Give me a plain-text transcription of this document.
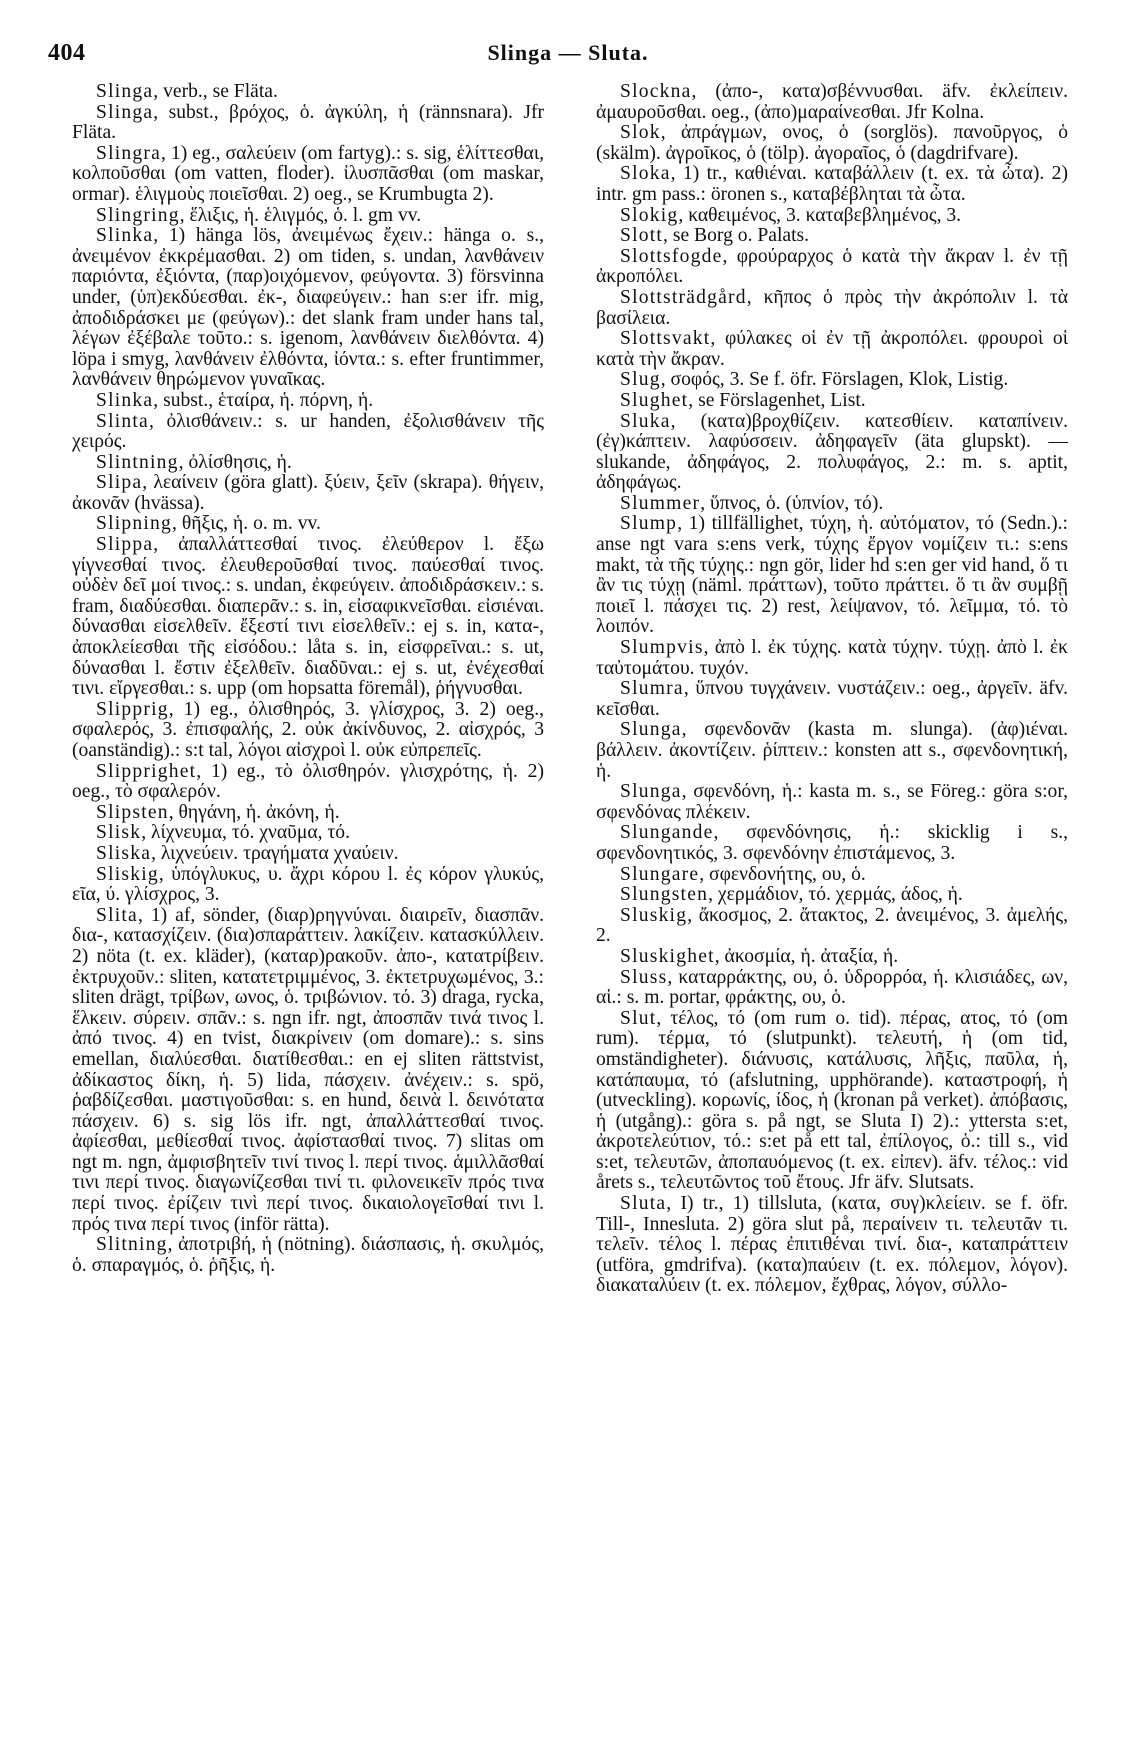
404	Slinga — Sluta.

Slinga, verb., se Fläta.

Slinga, subst., βρόχος, ὁ. ἀγκύλη, ἡ (rännsnara). Jfr Fläta.

Slingra, 1) eg., σαλεύειν (om fartyg).: s. sig, ἑλίττεσθαι, κολποῦσθαι (om vatten, floder). ἰλυσπᾶσθαι (om maskar, ormar). ἑλιγμοὺς ποιεῖσθαι. 2) oeg., se Krumbugta 2).

Slingring, ἕλιξις, ἡ. ἑλιγμός, ὁ. l. gm vv.

Slinka, 1) hänga lös, ἀνειμένως ἔχειν.: hänga o. s., ἀνειμένον ἐκκρέμασθαι. 2) om tiden, s. undan, λανθάνειν παριόντα, ἐξιόντα, (παρ)οιχόμενον, φεύγοντα. 3) försvinna under, (ὑπ)εκδύεσθαι. ἐκ-, διαφεύγειν.: han s:er ifr. mig, ἀποδιδράσκει με (φεύγων).: det slank fram under hans tal, λέγων ἐξέβαλε τοῦτο.: s. igenom, λανθάνειν διελθόντα. 4) löpa i smyg, λανθάνειν ἐλθόντα, ἰόντα.: s. efter fruntimmer, λανθάνειν θηρώμενον γυναῖκας.

Slinka, subst., ἑταίρα, ἡ. πόρνη, ἡ.

Slinta, ὀλισθάνειν.: s. ur handen, ἐξολισθάνειν τῆς χειρός.

Slintning, ὀλίσθησις, ἡ.

Slipa, λεαίνειν (göra glatt). ξύειν, ξεῖν (skrapa). θήγειν, ἀκονᾶν (hvässa).

Slipning, θῆξις, ἡ. o. m. vv.

Slippa, ἀπαλλάττεσθαί τινος. ἐλεύθερον l. ἔξω γίγνεσθαί τινος. ἐλευθεροῦσθαί τινος. παύεσθαί τινος. οὐδὲν δεῖ μοί τινος.: s. undan, ἐκφεύγειν. ἀποδιδράσκειν.: s. fram, διαδύεσθαι. διαπερᾶν.: s. in, εἰσαφικνεῖσθαι. εἰσιέναι. δύνασθαι εἰσελθεῖν. ἔξεστί τινι εἰσελθεῖν.: ej s. in, κατα-, ἀποκλείεσθαι τῆς εἰσόδου.: låta s. in, εἰσφρεῖναι.: s. ut, δύνασθαι l. ἔστιν ἐξελθεῖν. διαδῦναι.: ej s. ut, ἐνέχεσθαί τινι. εἴργεσθαι.: s. upp (om hopsatta föremål), ῥήγνυσθαι.

Slipprig, 1) eg., ὀλισθηρός, 3. γλίσχρος, 3. 2) oeg., σφαλερός, 3. ἐπισφαλής, 2. οὐκ ἀκίνδυνος, 2. αἰσχρός, 3 (oanständig).: s:t tal, λόγοι αἰσχροὶ l. οὐκ εὐπρεπεῖς.

Slipprighet, 1) eg., τὸ ὀλισθηρόν. γλισχρότης, ἡ. 2) oeg., τὸ σφαλερόν.

Slipsten, θηγάνη, ἡ. ἀκόνη, ἡ.

Slisk, λίχνευμα, τό. χναῦμα, τό.

Sliska, λιχνεύειν. τραγήματα χναύειν.

Sliskig, ὑπόγλυκυς, υ. ἄχρι κόρου l. ἐς κόρον γλυκύς, εῖα, ύ. γλίσχρος, 3.

Slita, 1) af, sönder, (διαρ)ρηγνύναι. διαιρεῖν, διασπᾶν. δια-, κατασχίζειν. (δια)σπαράττειν. λακίζειν. κατασκύλλειν. 2) nöta (t. ex. kläder), (καταρ)ρακοῦν. ἀπο-, κατατρίβειν. ἐκτρυχοῦν.: sliten, κατατετριμμένος, 3. ἐκτετρυχωμένος, 3.: sliten drägt, τρίβων, ωνος, ὁ. τριβώνιον. τό. 3) draga, rycka, ἕλκειν. σύρειν. σπᾶν.: s. ngn ifr. ngt, ἀποσπᾶν τινά τινος l. ἀπό τινος. 4) en tvist, διακρίνειν (om domare).: s. sins emellan, διαλύεσθαι. διατίθεσθαι.: en ej sliten rättstvist, ἀδίκαστος δίκη, ἡ. 5) lida, πάσχειν. ἀνέχειν.: s. spö, ῥαβδίζεσθαι. μαστιγοῦσθαι: s. en hund, δεινὰ l. δεινότατα πάσχειν. 6) s. sig lös ifr. ngt, ἀπαλλάττεσθαί τινος. ἀφίεσθαι, μεθίεσθαί τινος. ἀφίστασθαί τινος. 7) slitas om ngt m. ngn, ἀμφισβητεῖν τινί τινος l. περί τινος. ἁμιλλᾶσθαί τινι περί τινος. διαγωνίζεσθαι τινί τι. φιλονεικεῖν πρός τινα περί τινος. ἐρίζειν τινὶ περί τινος. δικαιολογεῖσθαί τινι l. πρός τινα περί τινος (inför rätta).

Slitning, ἀποτριβή, ἡ (nötning). διάσπασις, ἡ. σκυλμός, ὁ. σπαραγμός, ὁ. ῥῆξις, ἡ.

Slockna, (ἀπο-, κατα)σβέννυσθαι. äfv. ἐκλείπειν. ἀμαυροῦσθαι. oeg., (ἀπο)μαραίνεσθαι. Jfr Kolna.

Slok, ἀπράγμων, ονος, ὁ (sorglös). πανοῦργος, ὁ (skälm). ἀγροῖκος, ὁ (tölp). ἀγοραῖος, ὁ (dagdrifvare).

Sloka, 1) tr., καθιέναι. καταβάλλειν (t. ex. τὰ ὦτα). 2) intr. gm pass.: öronen s., καταβέβληται τὰ ὦτα.

Slokig, καθειμένος, 3. καταβεβλημένος, 3.

Slott, se Borg o. Palats.

Slottsfogde, φρούραρχος ὁ κατὰ τὴν ἄκραν l. ἐν τῇ ἀκροπόλει.

Slottsträdgård, κῆπος ὁ πρὸς τὴν ἀκρόπολιν l. τὰ βασίλεια.

Slottsvakt, φύλακες οἱ ἐν τῇ ἀκροπόλει. φρουροὶ οἱ κατὰ τὴν ἄκραν.

Slug, σοφός, 3. Se f. öfr. Förslagen, Klok, Listig.

Slughet, se Förslagenhet, List.

Sluka, (κατα)βροχθίζειν. κατεσθίειν. καταπίνειν. (ἐγ)κάπτειν. λαφύσσειν. ἀδηφαγεῖν (äta glupskt). — slukande, ἀδηφάγος, 2. πολυφάγος, 2.: m. s. aptit, ἀδηφάγως.

Slummer, ὕπνος, ὁ. (ὑπνίον, τό).

Slump, 1) tillfällighet, τύχη, ἡ. αὐτόματον, τό (Sedn.).: anse ngt vara s:ens verk, τύχης ἔργον νομίζειν τι.: s:ens makt, τὰ τῆς τύχης.: ngn gör, lider hd s:en ger vid hand, ὅ τι ἂν τις τύχῃ (näml. πράττων), τοῦτο πράττει. ὅ τι ἂν συμβῇ ποιεῖ l. πάσχει τις. 2) rest, λείψανον, τό. λεῖμμα, τό. τὸ λοιπόν.

Slumpvis, ἀπὸ l. ἐκ τύχης. κατὰ τύχην. τύχῃ. ἀπὸ l. ἐκ ταὐτομάτου. τυχόν.

Slumra, ὕπνου τυγχάνειν. νυστάζειν.: oeg., ἀργεῖν. äfv. κεῖσθαι.

Slunga, σφενδονᾶν (kasta m. slunga). (ἀφ)ιέναι. βάλλειν. ἀκοντίζειν. ῥίπτειν.: konsten att s., σφενδονητική, ἡ.

Slunga, σφενδόνη, ἡ.: kasta m. s., se Föreg.: göra s:or, σφενδόνας πλέκειν.

Slungande, σφενδόνησις, ἡ.: skicklig i s., σφενδονητικός, 3. σφενδόνην ἐπιστάμενος, 3.

Slungare, σφενδονήτης, ου, ὁ.

Slungsten, χερμάδιον, τό. χερμάς, άδος, ἡ.

Sluskig, ἄκοσμος, 2. ἄτακτος, 2. ἀνειμένος, 3. ἀμελής, 2.

Sluskighet, ἀκοσμία, ἡ. ἀταξία, ἡ.

Sluss, καταρράκτης, ου, ὁ. ὑδρορρόα, ἡ. κλισιάδες, ων, αἱ.: s. m. portar, φράκτης, ου, ὁ.

Slut, τέλος, τό (om rum o. tid). πέρας, ατος, τό (om rum). τέρμα, τό (slutpunkt). τελευτή, ἡ (om tid, omständigheter). διάνυσις, κατάλυσις, λῆξις, παῦλα, ἡ, κατάπαυμα, τό (afslutning, upphörande). καταστροφή, ἡ (utveckling). κορωνίς, ίδος, ἡ (kronan på verket). ἀπόβασις, ἡ (utgång).: göra s. på ngt, se Sluta I) 2).: yttersta s:et, ἀκροτελεύτιον, τό.: s:et på ett tal, ἐπίλογος, ὁ.: till s., vid s:et, τελευτῶν, ἀποπαυόμενος (t. ex. εἰπεν). äfv. τέλος.: vid årets s., τελευτῶντος τοῦ ἔτους. Jfr äfv. Slutsats.

Sluta, I) tr., 1) tillsluta, (κατα, συγ)κλείειν. se f. öfr. Till-, Innesluta. 2) göra slut på, περαίνειν τι. τελευτᾶν τι. τελεῖν. τέλος l. πέρας ἐπιτιθέναι τινί. δια-, καταπράττειν (utföra, gmdrifva). (κατα)παύειν (t. ex. πόλεμον, λόγον). διακαταλύειν (t. ex. πόλεμον, ἔχθρας, λόγον, σύλλο-
